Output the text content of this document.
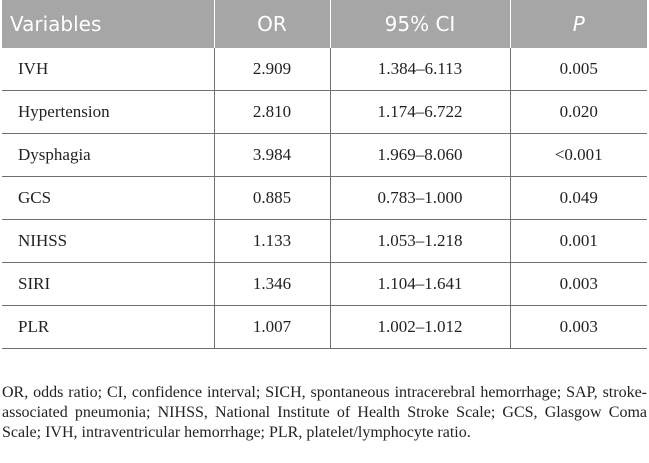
Variables	OR	95% CI	P
IVH	2.909	1.384–6.113	0.005
Hypertension	2.810	1.174–6.722	0.020
Dysphagia	3.984	1.969–8.060	<0.001
GCS	0.885	0.783–1.000	0.049
NIHSS	1.133	1.053–1.218	0.001
SIRI	1.346	1.104–1.641	0.003
PLR	1.007	1.002–1.012	0.003

OR, odds ratio; CI, confidence interval; SICH, spontaneous intracerebral hemorrhage; SAP, stroke-associated pneumonia; NIHSS, National Institute of Health Stroke Scale; GCS, Glasgow Coma Scale; IVH, intraventricular hemorrhage; PLR, platelet/lymphocyte ratio.
